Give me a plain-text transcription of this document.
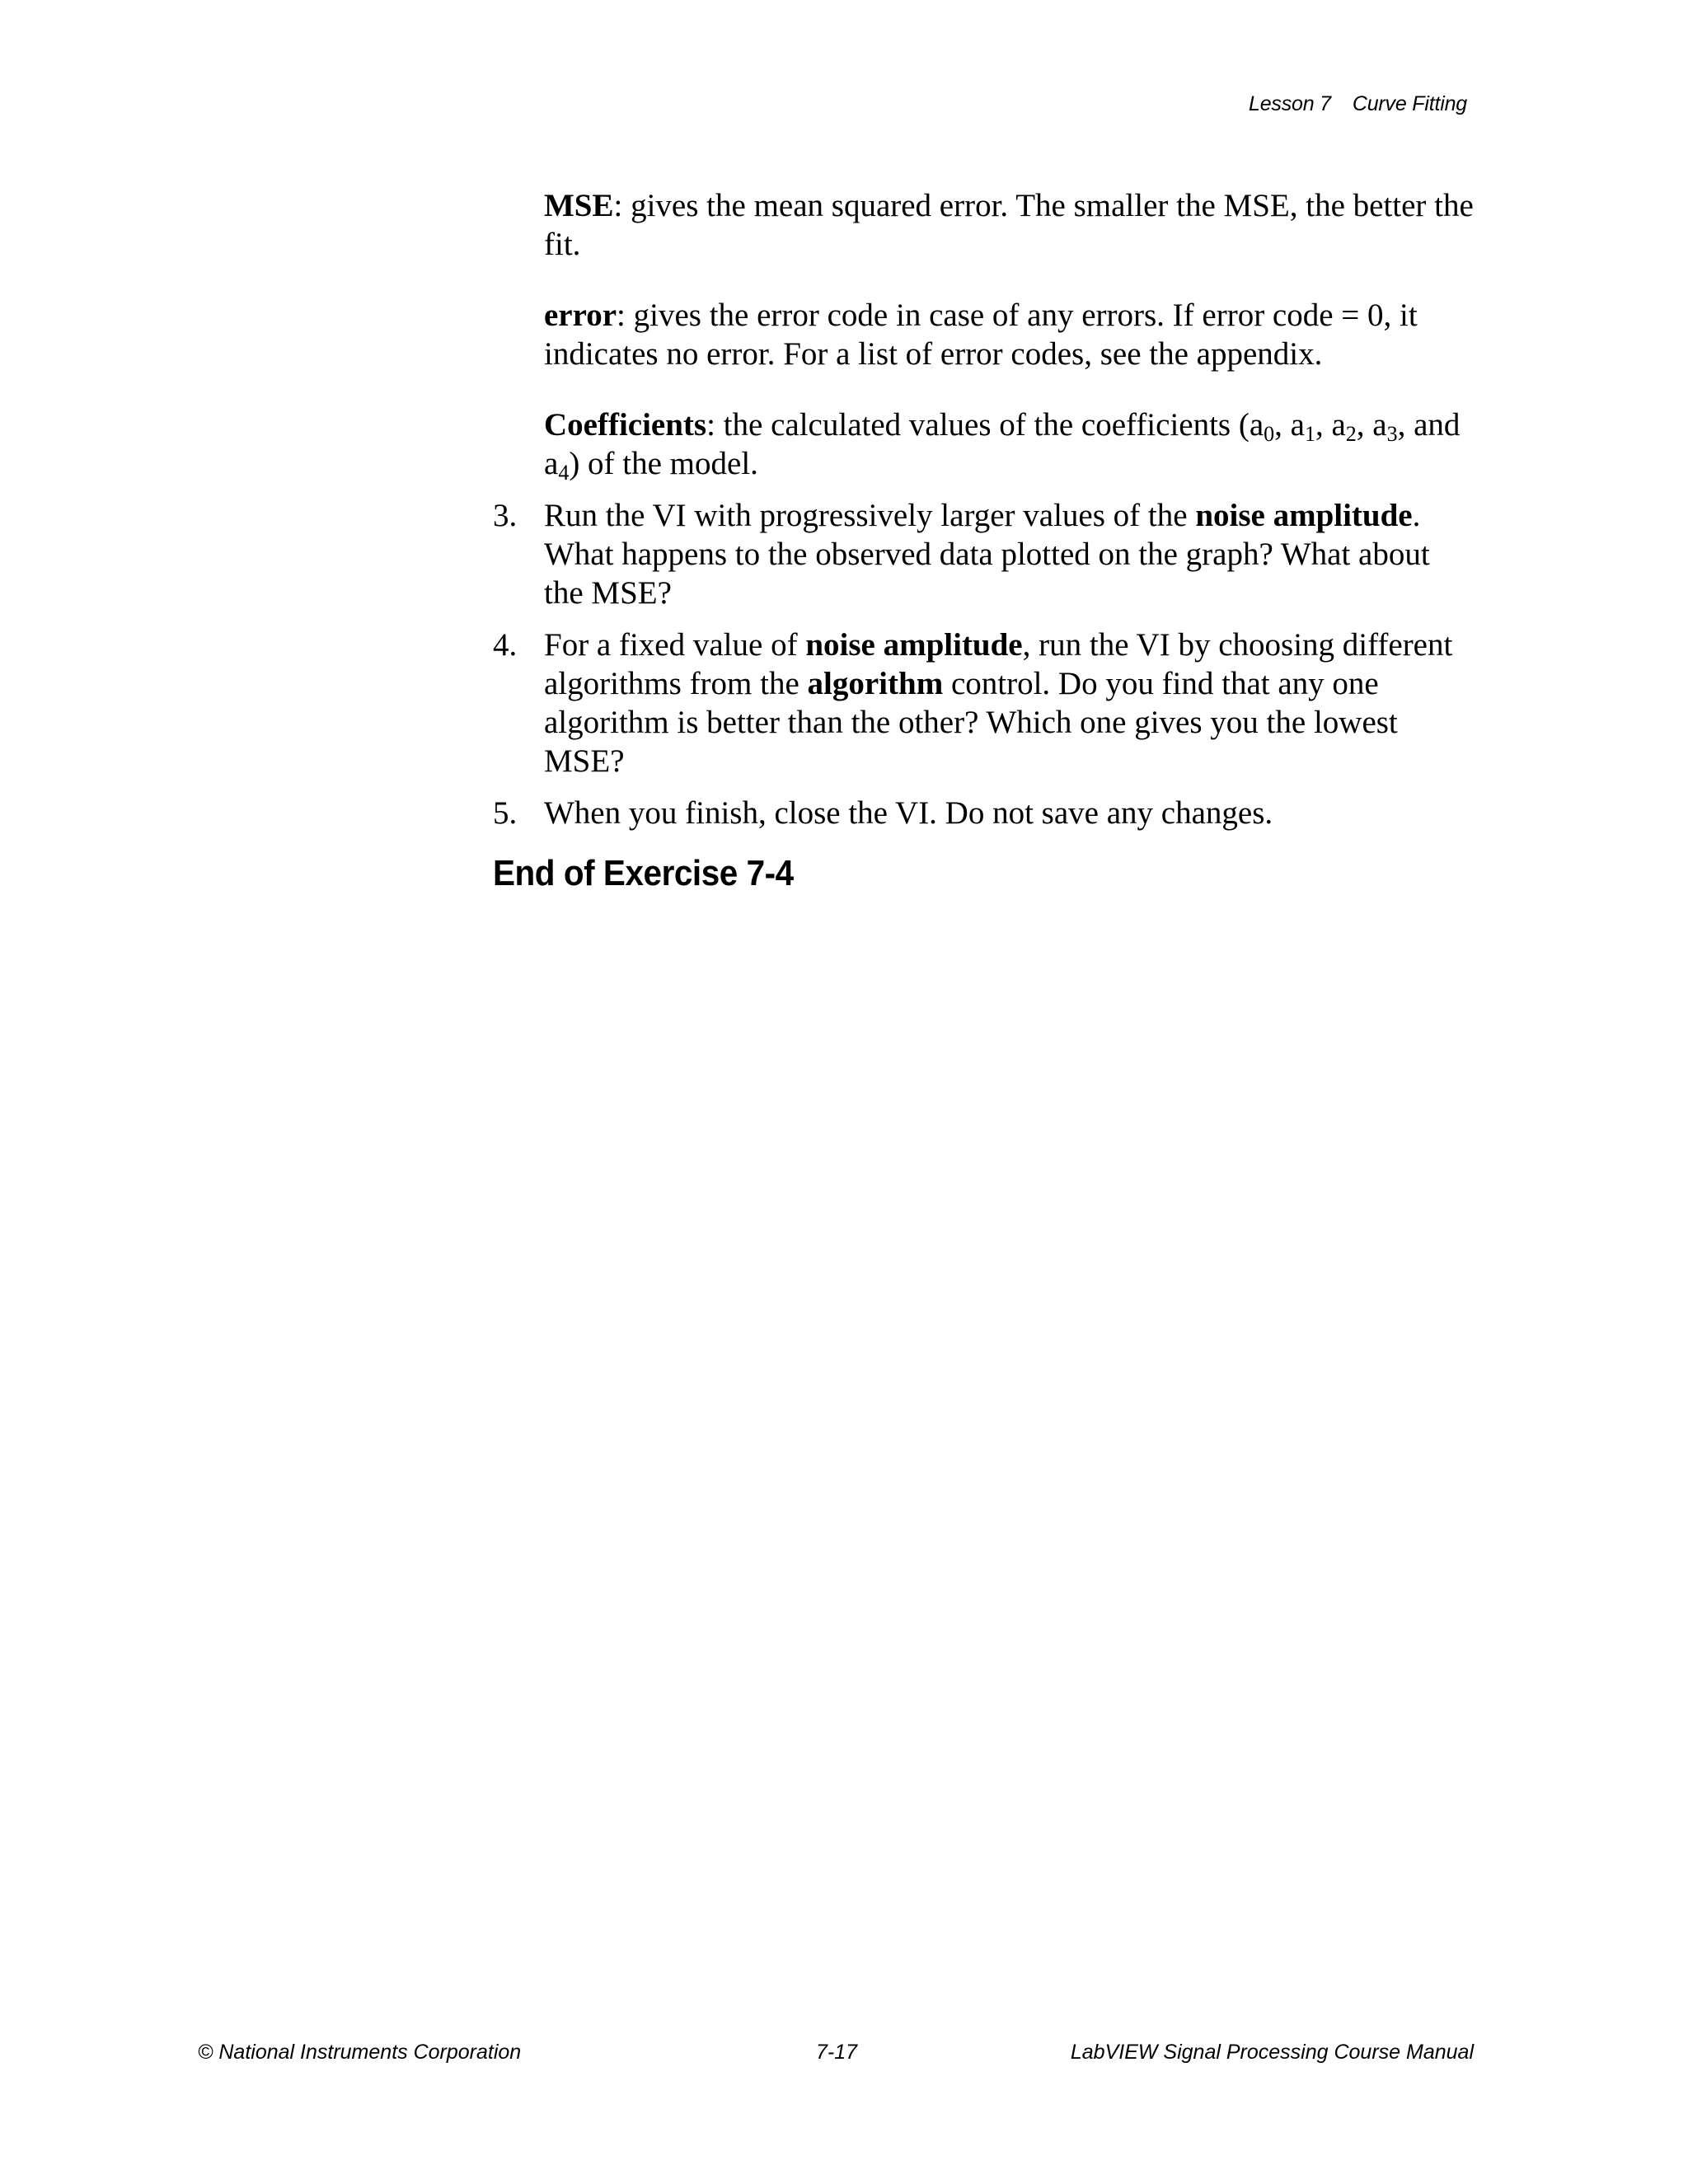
Lesson 7 Curve Fitting

MSE: gives the mean squared error. The smaller the MSE, the better the fit.

error: gives the error code in case of any errors. If error code = 0, it indicates no error. For a list of error codes, see the appendix.

Coefficients: the calculated values of the coefficients ($a_0$, $a_1$, $a_2$, $a_3$, and $a_4$) of the model.

3. Run the VI with progressively larger values of the noise amplitude. What happens to the observed data plotted on the graph? What about the MSE?
4. For a fixed value of noise amplitude, run the VI by choosing different algorithms from the algorithm control. Do you find that any one algorithm is better than the other? Which one gives you the lowest MSE?
5. When you finish, close the VI. Do not save any changes.
End of Exercise 7-4
© National Instruments Corporation	7-17	LabVIEW Signal Processing Course Manual
